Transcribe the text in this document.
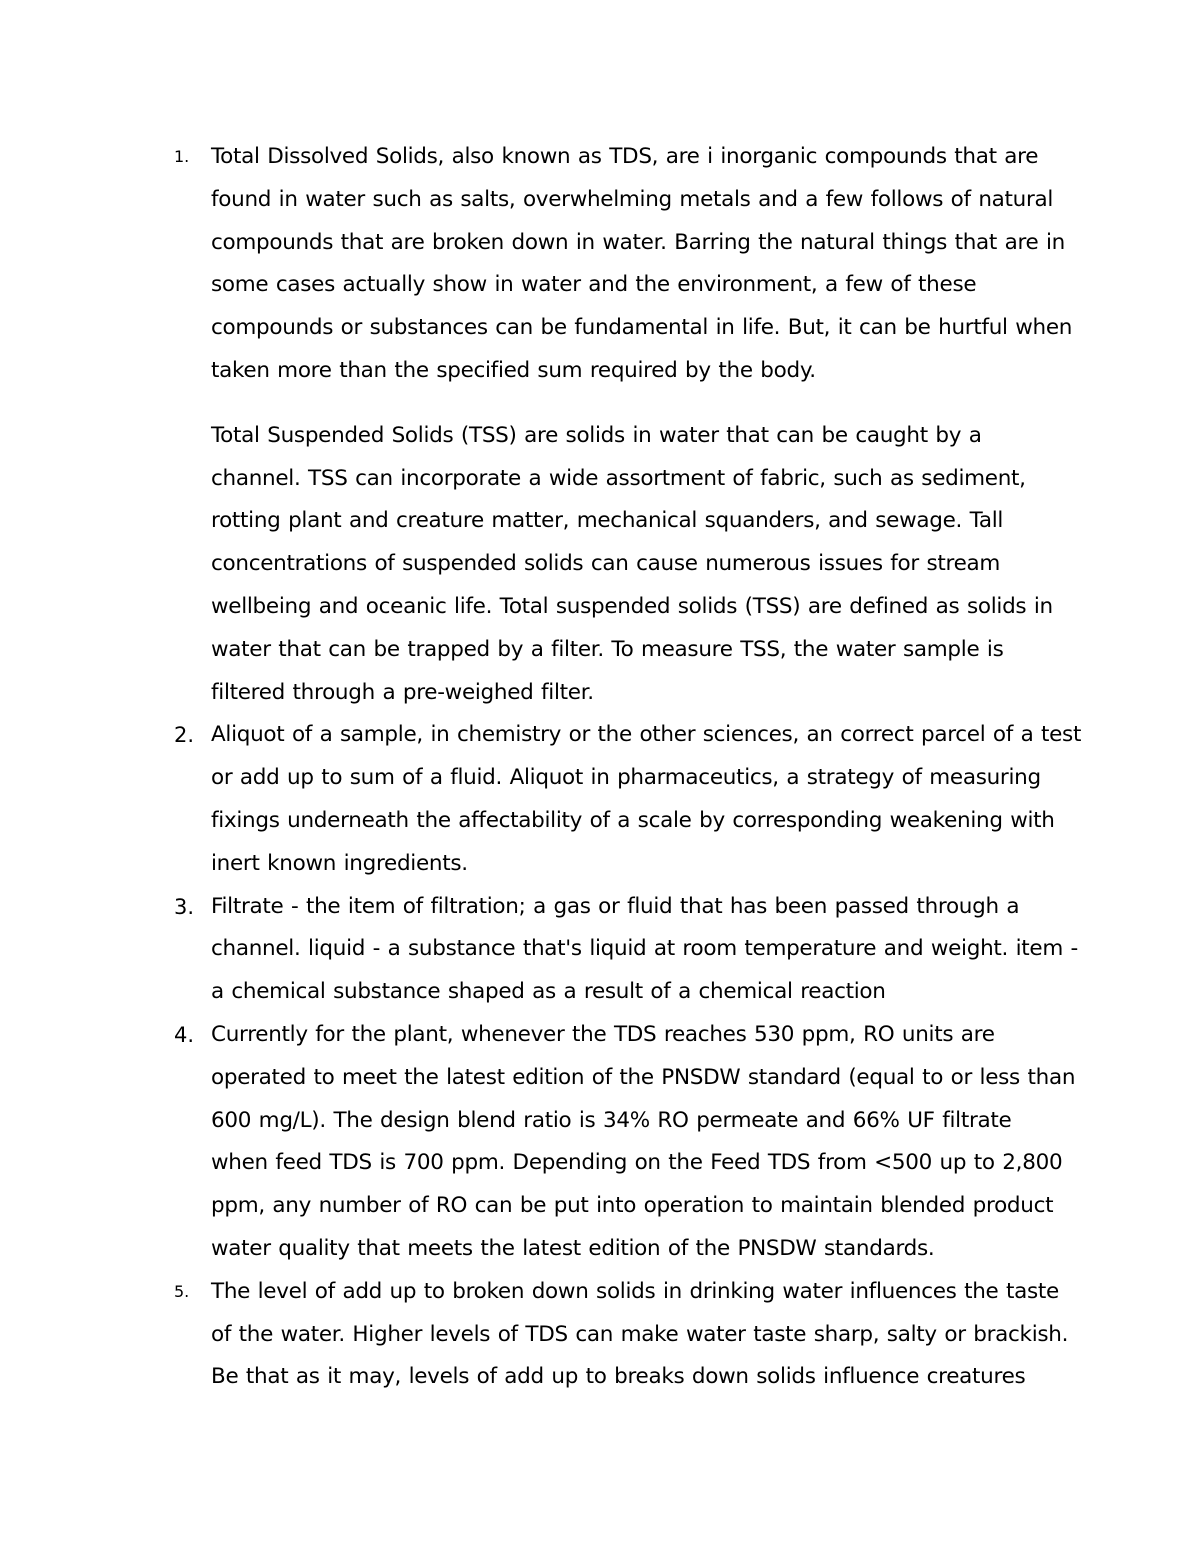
1. Total Dissolved Solids, also known as TDS, are i inorganic compounds that are
found in water such as salts, overwhelming metals and a few follows of natural
compounds that are broken down in water. Barring the natural things that are in
some cases actually show in water and the environment, a few of these
compounds or substances can be fundamental in life. But, it can be hurtful when
taken more than the specified sum required by the body.

Total Suspended Solids (TSS) are solids in water that can be caught by a
channel. TSS can incorporate a wide assortment of fabric, such as sediment,
rotting plant and creature matter, mechanical squanders, and sewage. Tall
concentrations of suspended solids can cause numerous issues for stream
wellbeing and oceanic life. Total suspended solids (TSS) are defined as solids in
water that can be trapped by a filter. To measure TSS, the water sample is
filtered through a pre-weighed filter.

2. Aliquot of a sample, in chemistry or the other sciences, an correct parcel of a test
or add up to sum of a fluid. Aliquot in pharmaceutics, a strategy of measuring
fixings underneath the affectability of a scale by corresponding weakening with
inert known ingredients.

3. Filtrate - the item of filtration; a gas or fluid that has been passed through a
channel. liquid - a substance that's liquid at room temperature and weight. item -
a chemical substance shaped as a result of a chemical reaction

4. Currently for the plant, whenever the TDS reaches 530 ppm, RO units are
operated to meet the latest edition of the PNSDW standard (equal to or less than
600 mg/L). The design blend ratio is 34% RO permeate and 66% UF filtrate
when feed TDS is 700 ppm. Depending on the Feed TDS from <500 up to 2,800
ppm, any number of RO can be put into operation to maintain blended product
water quality that meets the latest edition of the PNSDW standards.

5. The level of add up to broken down solids in drinking water influences the taste
of the water. Higher levels of TDS can make water taste sharp, salty or brackish.
Be that as it may, levels of add up to breaks down solids influence creatures
